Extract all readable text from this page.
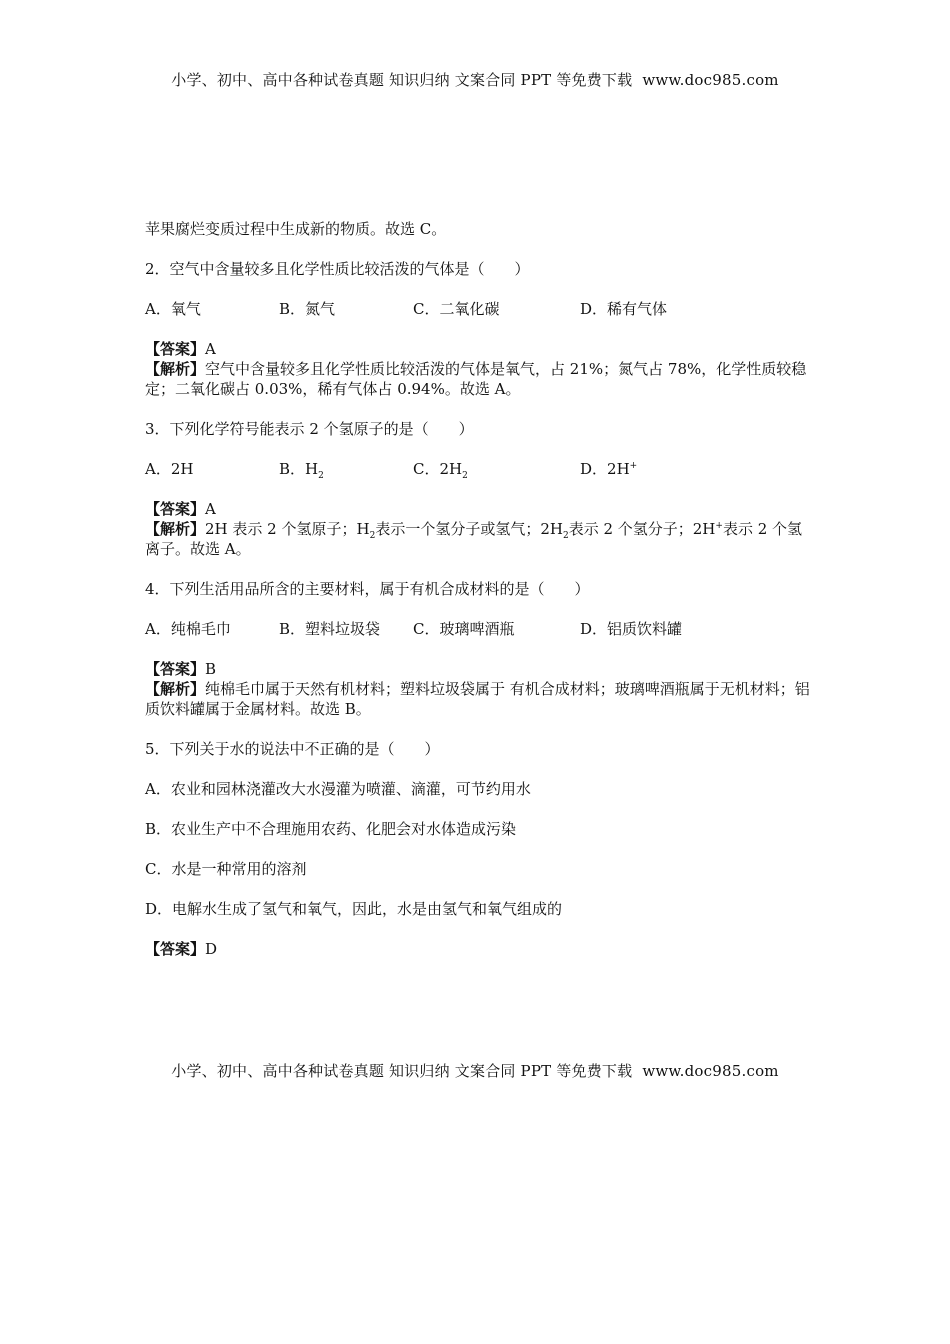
小学、初中、高中各种试卷真题 知识归纳 文案合同 PPT 等免费下载 www.doc985.com

苹果腐烂变质过程中生成新的物质。故选 C。

2．空气中含量较多且化学性质比较活泼的气体是（　　）

A．氧气	B．氮气	C．二氧化碳	D．稀有气体

【答案】A

【解析】空气中含量较多且化学性质比较活泼的气体是氧气，占 21%；氮气占 78%，化学性质较稳定；二氧化碳占 0.03%，稀有气体占 0.94%。故选 A。

3．下列化学符号能表示 2 个氢原子的是（　　）

A．2H	B．$H_2$	C．$2H_2$	D．2H+

【答案】A

【解析】2H 表示 2 个氢原子；$H_2$表示一个氢分子或氢气；$2H_2$表示 2 个氢分子；2H+表示 2 个氢离子。故选 A。

4．下列生活用品所含的主要材料，属于有机合成材料的是（　　）

A．纯棉毛巾	B．塑料垃圾袋	C．玻璃啤酒瓶	D．铝质饮料罐

【答案】B

【解析】纯棉毛巾属于天然有机材料；塑料垃圾袋属于 有机合成材料；玻璃啤酒瓶属于无机材料；铝质饮料罐属于金属材料。故选 B。

5．下列关于水的说法中不正确的是（　　）

A．农业和园林浇灌改大水漫灌为喷灌、滴灌，可节约用水

B．农业生产中不合理施用农药、化肥会对水体造成污染

C．水是一种常用的溶剂

D．电解水生成了氢气和氧气，因此，水是由氢气和氧气组成的

【答案】D

小学、初中、高中各种试卷真题 知识归纳 文案合同 PPT 等免费下载 www.doc985.com
